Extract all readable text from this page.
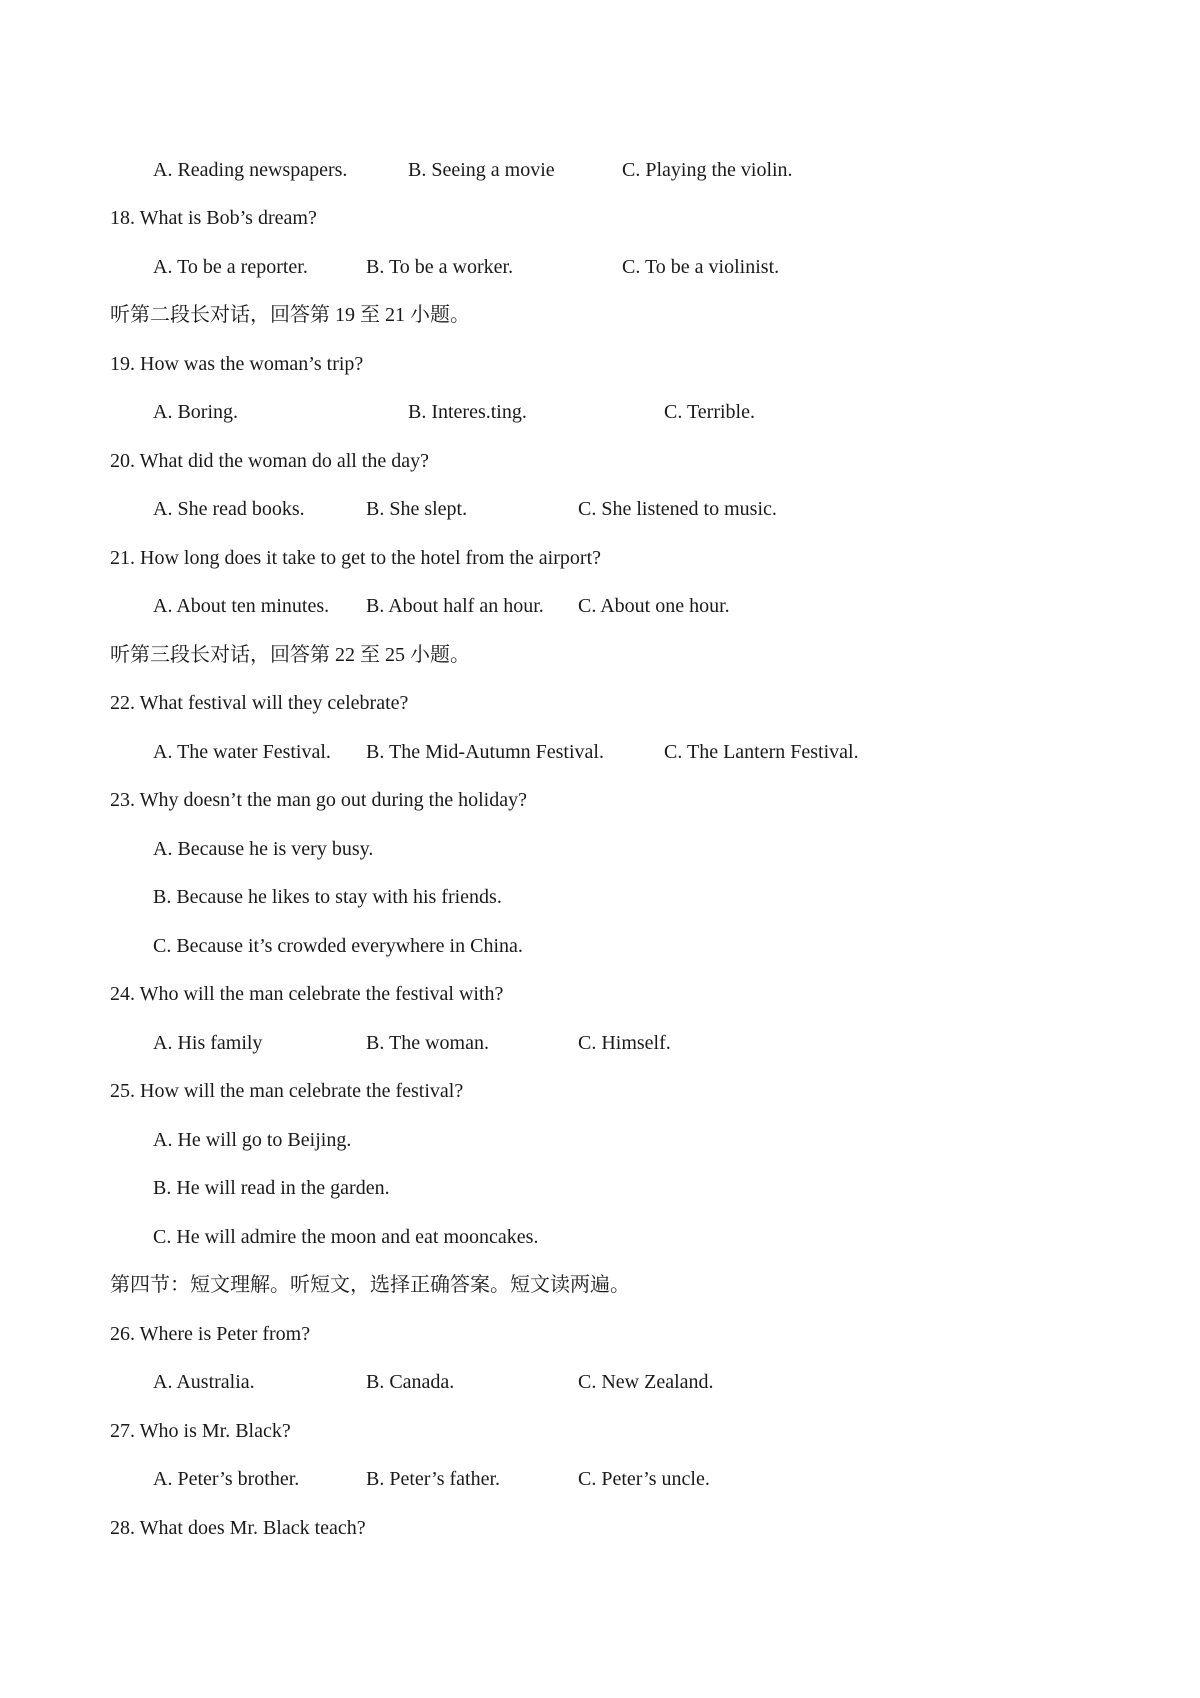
A. Reading newspapers.	B. Seeing a movie	C. Playing the violin.
18. What is Bob’s dream?
A. To be a reporter.	B. To be a worker.	C. To be a violinist.
听第二段长对话，回答第 19 至 21 小题。
19. How was the woman’s trip?
A. Boring.	B. Interes.ting.	C. Terrible.
20. What did the woman do all the day?
A. She read books.	B. She slept.	C. She listened to music.
21. How long does it take to get to the hotel from the airport?
A. About ten minutes. B. About half an hour. C. About one hour.
听第三段长对话，回答第 22 至 25 小题。
22. What festival will they celebrate?
A. The water Festival. B. The Mid-Autumn Festival.	C. The Lantern Festival.
23. Why doesn’t the man go out during the holiday?
A. Because he is very busy.
B. Because he likes to stay with his friends.
C. Because it’s crowded everywhere in China.
24. Who will the man celebrate the festival with?
A. His family	B. The woman.	C. Himself.
25. How will the man celebrate the festival?
A. He will go to Beijing.
B. He will read in the garden.
C. He will admire the moon and eat mooncakes.
第四节：短文理解。听短文，选择正确答案。短文读两遍。
26. Where is Peter from?
A. Australia.	B. Canada.	C. New Zealand.
27. Who is Mr. Black?
A. Peter’s brother.	B. Peter’s father.	C. Peter’s uncle.
28. What does Mr. Black teach?
